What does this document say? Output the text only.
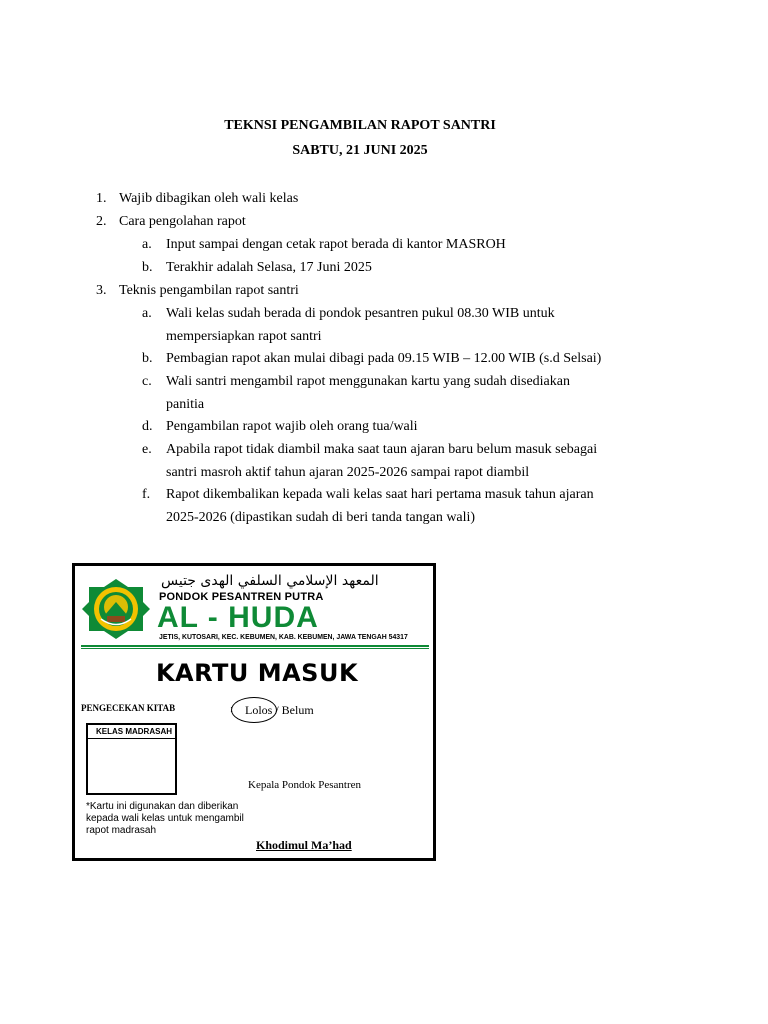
TEKNSI PENGAMBILAN RAPOT SANTRI
SABTU, 21 JUNI 2025
1. Wajib dibagikan oleh wali kelas
2. Cara pengolahan rapot
a. Input sampai dengan cetak rapot berada di kantor MASROH
b. Terakhir adalah Selasa, 17 Juni 2025
3. Teknis pengambilan rapot santri
a. Wali kelas sudah berada di pondok pesantren pukul 08.30 WIB untuk
mempersiapkan rapot santri
b. Pembagian rapot akan mulai dibagi pada 09.15 WIB – 12.00 WIB (s.d Selsai)
c. Wali santri mengambil rapot menggunakan kartu yang sudah disediakan
panitia
d. Pengambilan rapot wajib oleh orang tua/wali
e. Apabila rapot tidak diambil maka saat taun ajaran baru belum masuk sebagai
santri masroh aktif tahun ajaran 2025-2026 sampai rapot diambil
f. Rapot dikembalikan kepada wali kelas saat hari pertama masuk tahun ajaran
2025-2026 (dipastikan sudah di beri tanda tangan wali)
المعهد الإسلامي السلفي الهدى جتيس
PONDOK PESANTREN PUTRA
AL - HUDA
JETIS, KUTOSARI, KEC. KEBUMEN, KAB. KEBUMEN, JAWA TENGAH 54317
KARTU MASUK
PENGECEKAN KITAB	: Lolos / Belum
KELAS MADRASAH
Kepala Pondok Pesantren
*Kartu ini digunakan dan diberikan kepada wali kelas untuk mengambil rapot madrasah
Khodimul Ma’had
